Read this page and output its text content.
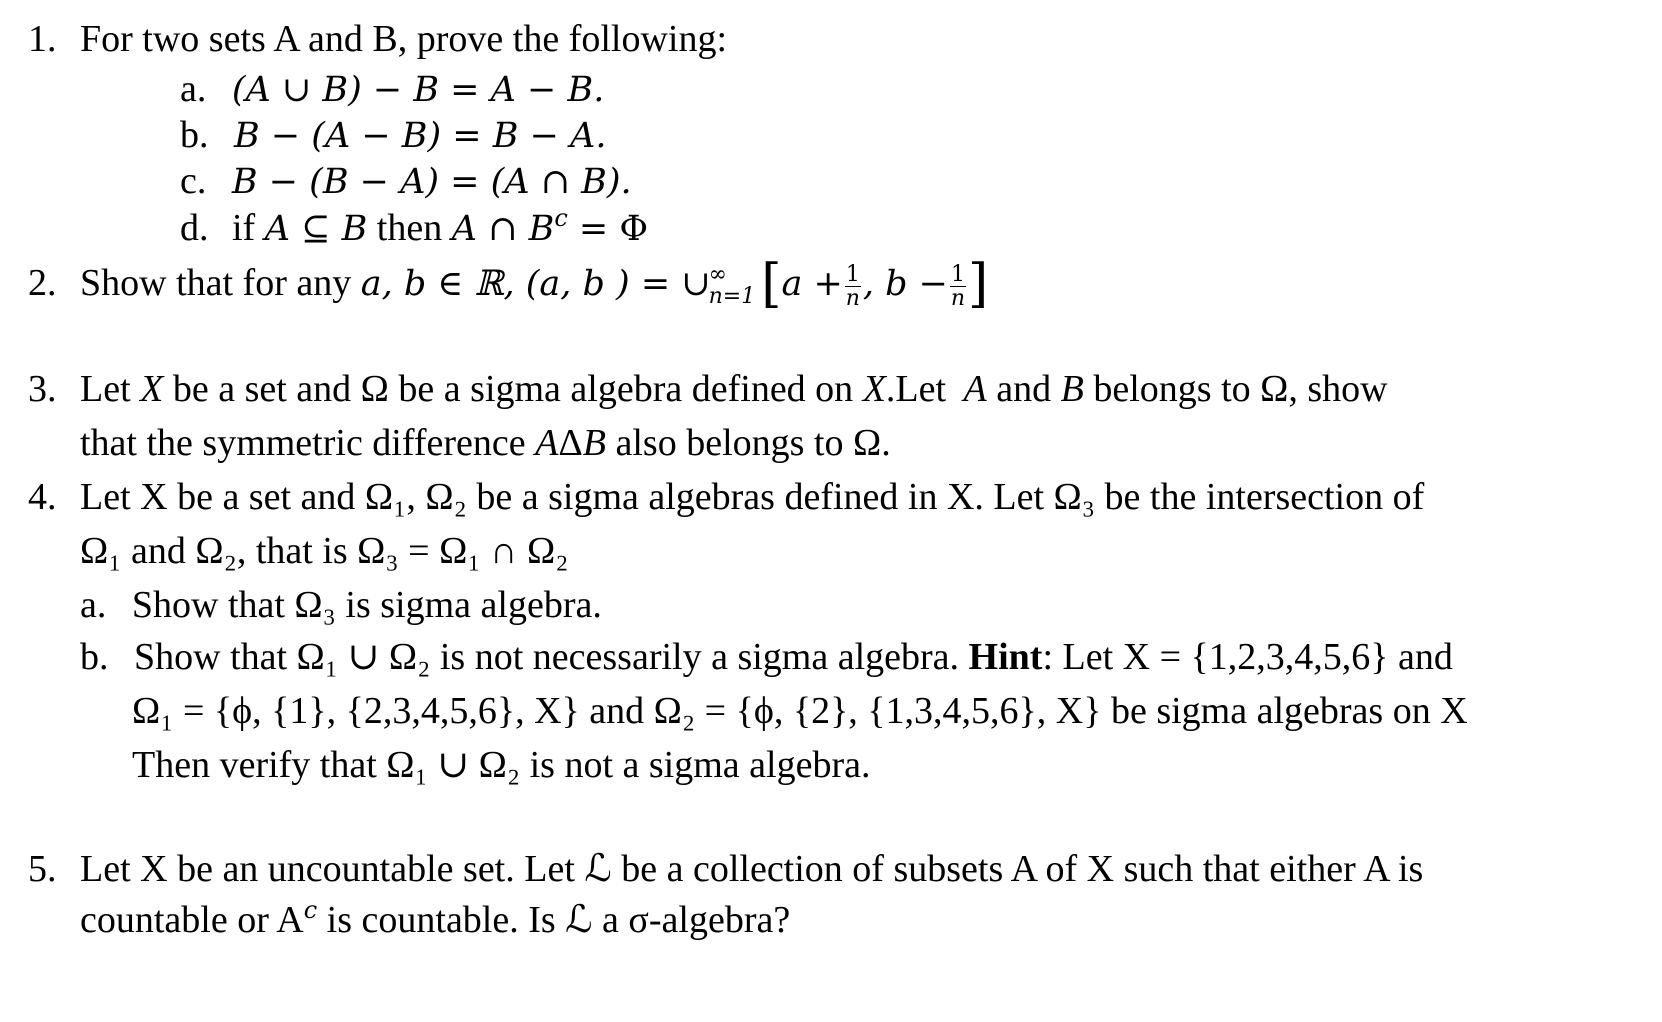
1. For two sets A and B, prove the following:
a. (A ∪ B) − B = A − B.
b. B − (A − B) = B − A.
c. B − (B − A) = (A ∩ B).
d. if A ⊆ B then A ∩ $B^c = \Phi$
2. Show that for any a, b ∈ ℝ, (a, b ) = ∪
∞
n=1 [$a + \frac{1}{n}$ , $b - \frac{1}{n}$ ]
3. Let X be a set and Ω be a sigma algebra defined on X.Let A and B belongs to Ω, show
that the symmetric difference AΔB also belongs to Ω.
4. Let X be a set and Ω₁, Ω₂ be a sigma algebras defined in X. Let Ω₃ be the intersection of
Ω₁ and Ω₂, that is Ω₃ = Ω₁ ∩ Ω₂
a. Show that Ω₃ is sigma algebra.
b. Show that Ω₁ ∪ Ω₂ is not necessarily a sigma algebra. Hint: Let X = {1,2,3,4,5,6} and
Ω₁ = {ϕ, {1}, {2,3,4,5,6}, X} and Ω₂ = {ϕ, {2}, {1,3,4,5,6}, X} be sigma algebras on X
Then verify that Ω₁ ∪ Ω₂ is not a sigma algebra.
5. Let X be an uncountable set. Let ℒ be a collection of subsets A of X such that either A is
countable or $A^c$ is countable. Is ℒ a σ-algebra?
